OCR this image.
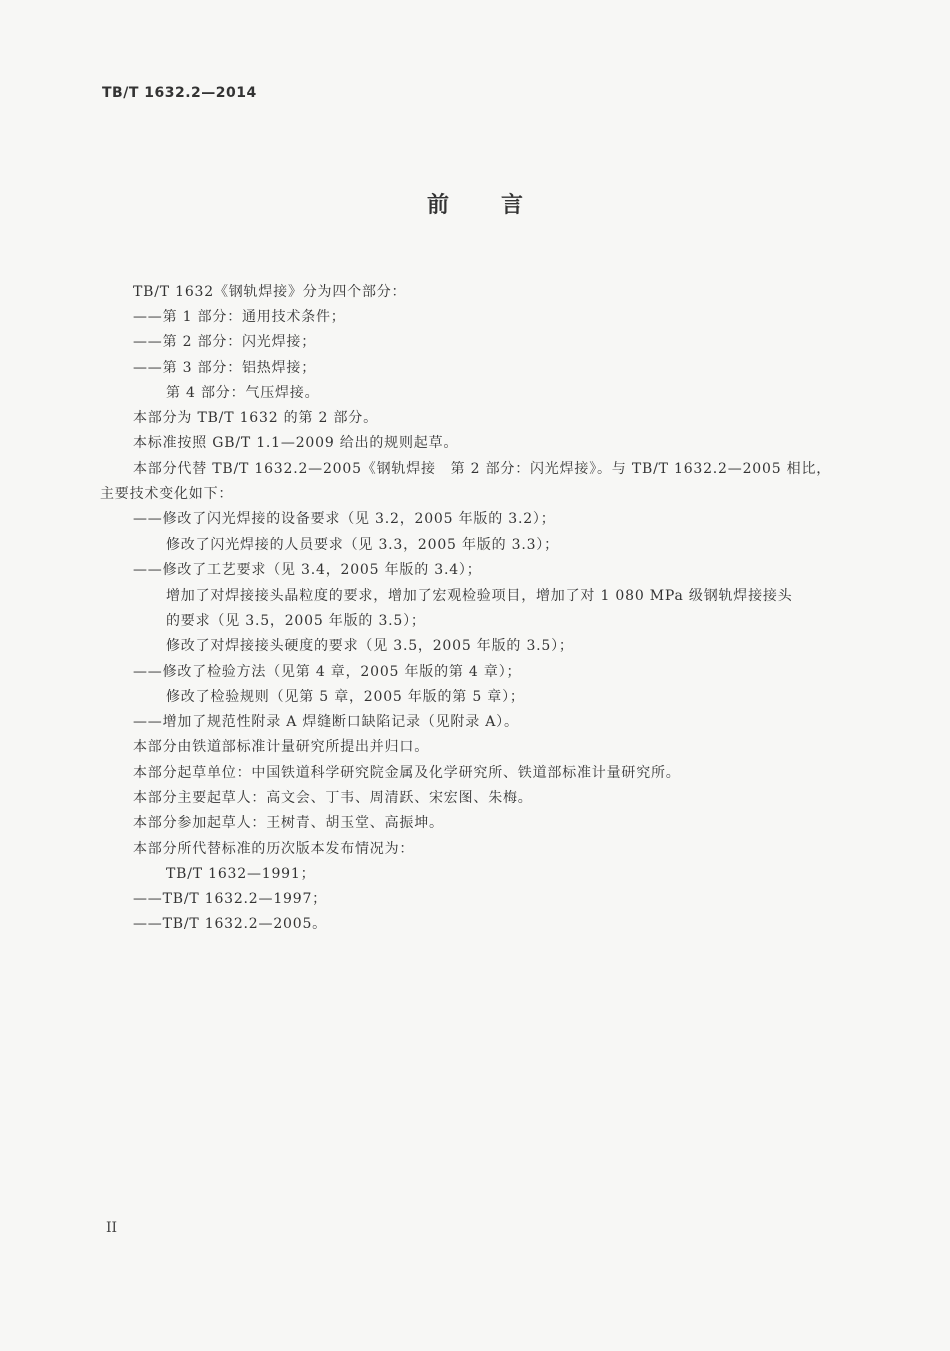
TB/T 1632.2—2014
前言
TB/T 1632《钢轨焊接》分为四个部分：
——第 1 部分：通用技术条件；
——第 2 部分：闪光焊接；
——第 3 部分：铝热焊接；
第 4 部分：气压焊接。
本部分为 TB/T 1632 的第 2 部分。
本标准按照 GB/T 1.1—2009 给出的规则起草。
本部分代替 TB/T 1632.2—2005《钢轨焊接　第 2 部分：闪光焊接》。与 TB/T 1632.2—2005 相比，
主要技术变化如下：
——修改了闪光焊接的设备要求（见 3.2，2005 年版的 3.2）；
修改了闪光焊接的人员要求（见 3.3，2005 年版的 3.3）；
——修改了工艺要求（见 3.4，2005 年版的 3.4）；
增加了对焊接接头晶粒度的要求，增加了宏观检验项目，增加了对 1 080 MPa 级钢轨焊接接头
的要求（见 3.5，2005 年版的 3.5）；
修改了对焊接接头硬度的要求（见 3.5，2005 年版的 3.5）；
——修改了检验方法（见第 4 章，2005 年版的第 4 章）；
修改了检验规则（见第 5 章，2005 年版的第 5 章）；
——增加了规范性附录 A 焊缝断口缺陷记录（见附录 A）。
本部分由铁道部标准计量研究所提出并归口。
本部分起草单位：中国铁道科学研究院金属及化学研究所、铁道部标准计量研究所。
本部分主要起草人：高文会、丁韦、周清跃、宋宏图、朱梅。
本部分参加起草人：王树青、胡玉堂、高振坤。
本部分所代替标准的历次版本发布情况为：
TB/T 1632—1991；
——TB/T 1632.2—1997；
——TB/T 1632.2—2005。
II
